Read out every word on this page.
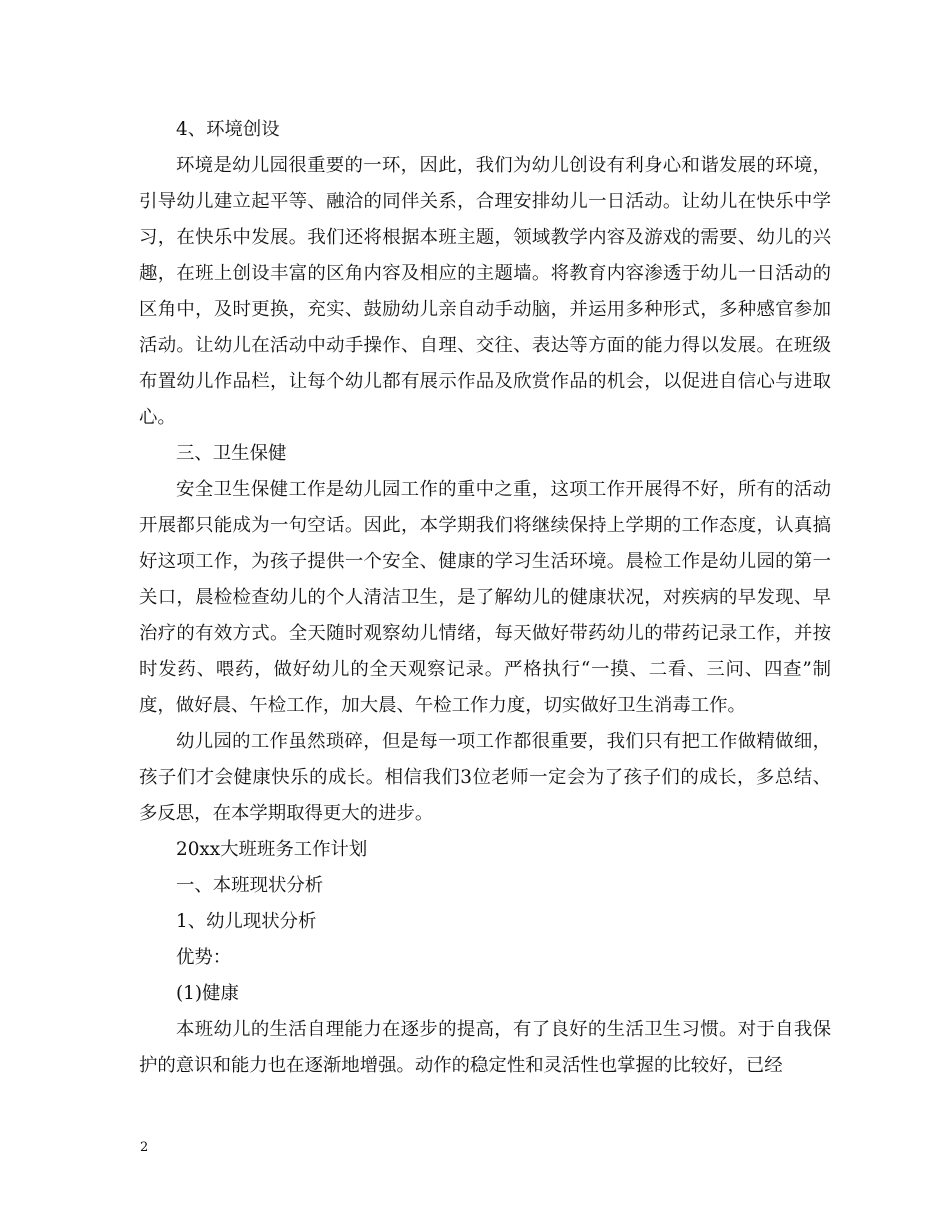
4、环境创设

环境是幼儿园很重要的一环，因此，我们为幼儿创设有利身心和谐发展的环境，引导幼儿建立起平等、融洽的同伴关系，合理安排幼儿一日活动。让幼儿在快乐中学习，在快乐中发展。我们还将根据本班主题，领域教学内容及游戏的需要、幼儿的兴趣，在班上创设丰富的区角内容及相应的主题墙。将教育内容渗透于幼儿一日活动的区角中，及时更换，充实、鼓励幼儿亲自动手动脑，并运用多种形式，多种感官参加活动。让幼儿在活动中动手操作、自理、交往、表达等方面的能力得以发展。在班级布置幼儿作品栏，让每个幼儿都有展示作品及欣赏作品的机会，以促进自信心与进取心。

三、卫生保健

安全卫生保健工作是幼儿园工作的重中之重，这项工作开展得不好，所有的活动开展都只能成为一句空话。因此，本学期我们将继续保持上学期的工作态度，认真搞好这项工作，为孩子提供一个安全、健康的学习生活环境。晨检工作是幼儿园的第一关口，晨检检查幼儿的个人清洁卫生，是了解幼儿的健康状况，对疾病的早发现、早治疗的有效方式。全天随时观察幼儿情绪，每天做好带药幼儿的带药记录工作，并按时发药、喂药，做好幼儿的全天观察记录。严格执行“一摸、二看、三问、四查”制度，做好晨、午检工作，加大晨、午检工作力度，切实做好卫生消毒工作。

幼儿园的工作虽然琐碎，但是每一项工作都很重要，我们只有把工作做精做细，孩子们才会健康快乐的成长。相信我们3位老师一定会为了孩子们的成长，多总结、多反思，在本学期取得更大的进步。

20xx大班班务工作计划

一、本班现状分析

1、幼儿现状分析

优势：

(1)健康

本班幼儿的生活自理能力在逐步的提高，有了良好的生活卫生习惯。对于自我保护的意识和能力也在逐渐地增强。动作的稳定性和灵活性也掌握的比较好，已经

2
